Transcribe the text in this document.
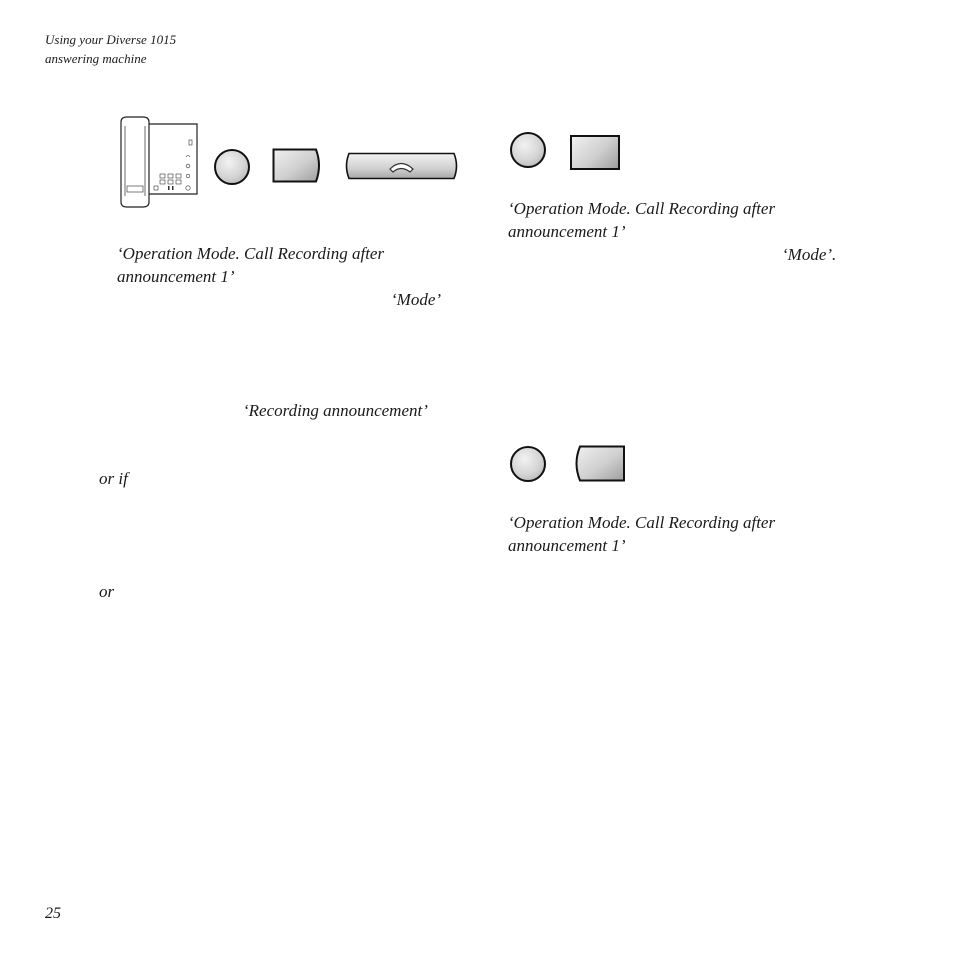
Using your Diverse 1015
answering machine
‘Operation Mode. Call Recording after
announcement 1’
‘Mode’
‘Recording announcement’
or if
or
‘Operation Mode. Call Recording after
announcement 1’
‘Mode’.
‘Operation Mode. Call Recording after
announcement 1’
25
